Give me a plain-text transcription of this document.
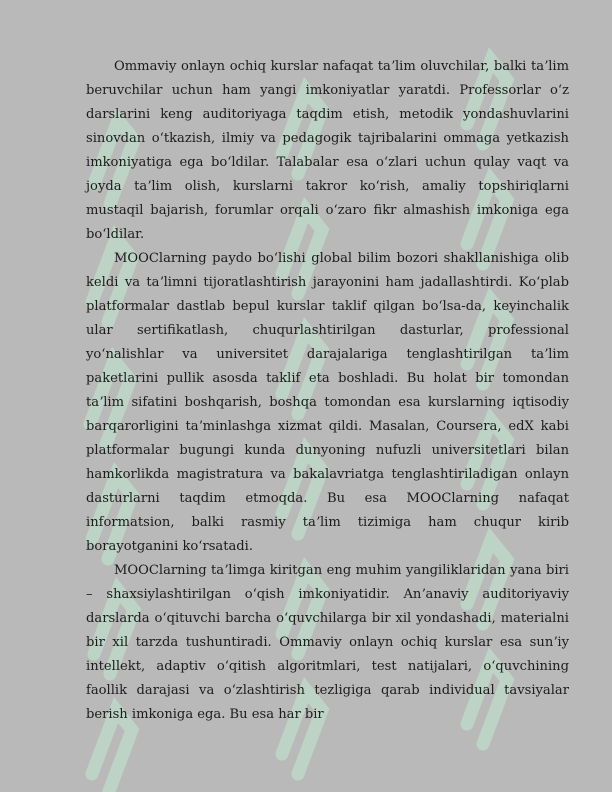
Ommaviy onlayn ochiq kurslar nafaqat taʼlim oluvchilar, balki taʼlim beruvchilar uchun ham yangi imkoniyatlar yaratdi. Professorlar oʻz darslarini keng auditoriyaga taqdim etish, metodik yondashuvlarini sinovdan oʻtkazish, ilmiy va pedagogik tajribalarini ommaga yetkazish imkoniyatiga ega boʻldilar. Talabalar esa oʻzlari uchun qulay vaqt va joyda taʼlim olish, kurslarni takror koʻrish, amaliy topshiriqlarni mustaqil bajarish, forumlar orqali oʻzaro fikr almashish imkoniga ega boʻldilar.

MOOClarning paydo boʻlishi global bilim bozori shakllanishiga olib keldi va taʼlimni tijoratlashtirish jarayonini ham jadallashtirdi. Koʻplab platformalar dastlab bepul kurslar taklif qilgan boʻlsa-da, keyinchalik ular sertifikatlash, chuqurlashtirilgan dasturlar, professional yoʻnalishlar va universitet darajalariga tenglashtirilgan taʼlim paketlarini pullik asosda taklif eta boshladi. Bu holat bir tomondan taʼlim sifatini boshqarish, boshqa tomondan esa kurslarning iqtisodiy barqarorligini taʼminlashga xizmat qildi. Masalan, Coursera, edX kabi platformalar bugungi kunda dunyoning nufuzli universitetlari bilan hamkorlikda magistratura va bakalavriatga tenglashtiriladigan onlayn dasturlarni taqdim etmoqda. Bu esa MOOClarning nafaqat informatsion, balki rasmiy taʼlim tizimiga ham chuqur kirib borayotganini koʻrsatadi.

MOOClarning taʼlimga kiritgan eng muhim yangiliklaridan yana biri – shaxsiylashtirilgan oʻqish imkoniyatidir. Anʼanaviy auditoriyaviy darslarda oʻqituvchi barcha oʻquvchilarga bir xil yondashadi, materialni bir xil tarzda tushuntiradi. Ommaviy onlayn ochiq kurslar esa sunʼiy intellekt, adaptiv oʻqitish algoritmlari, test natijalari, oʻquvchining faollik darajasi va oʻzlashtirish tezligiga qarab individual tavsiyalar berish imkoniga ega. Bu esa har bir
